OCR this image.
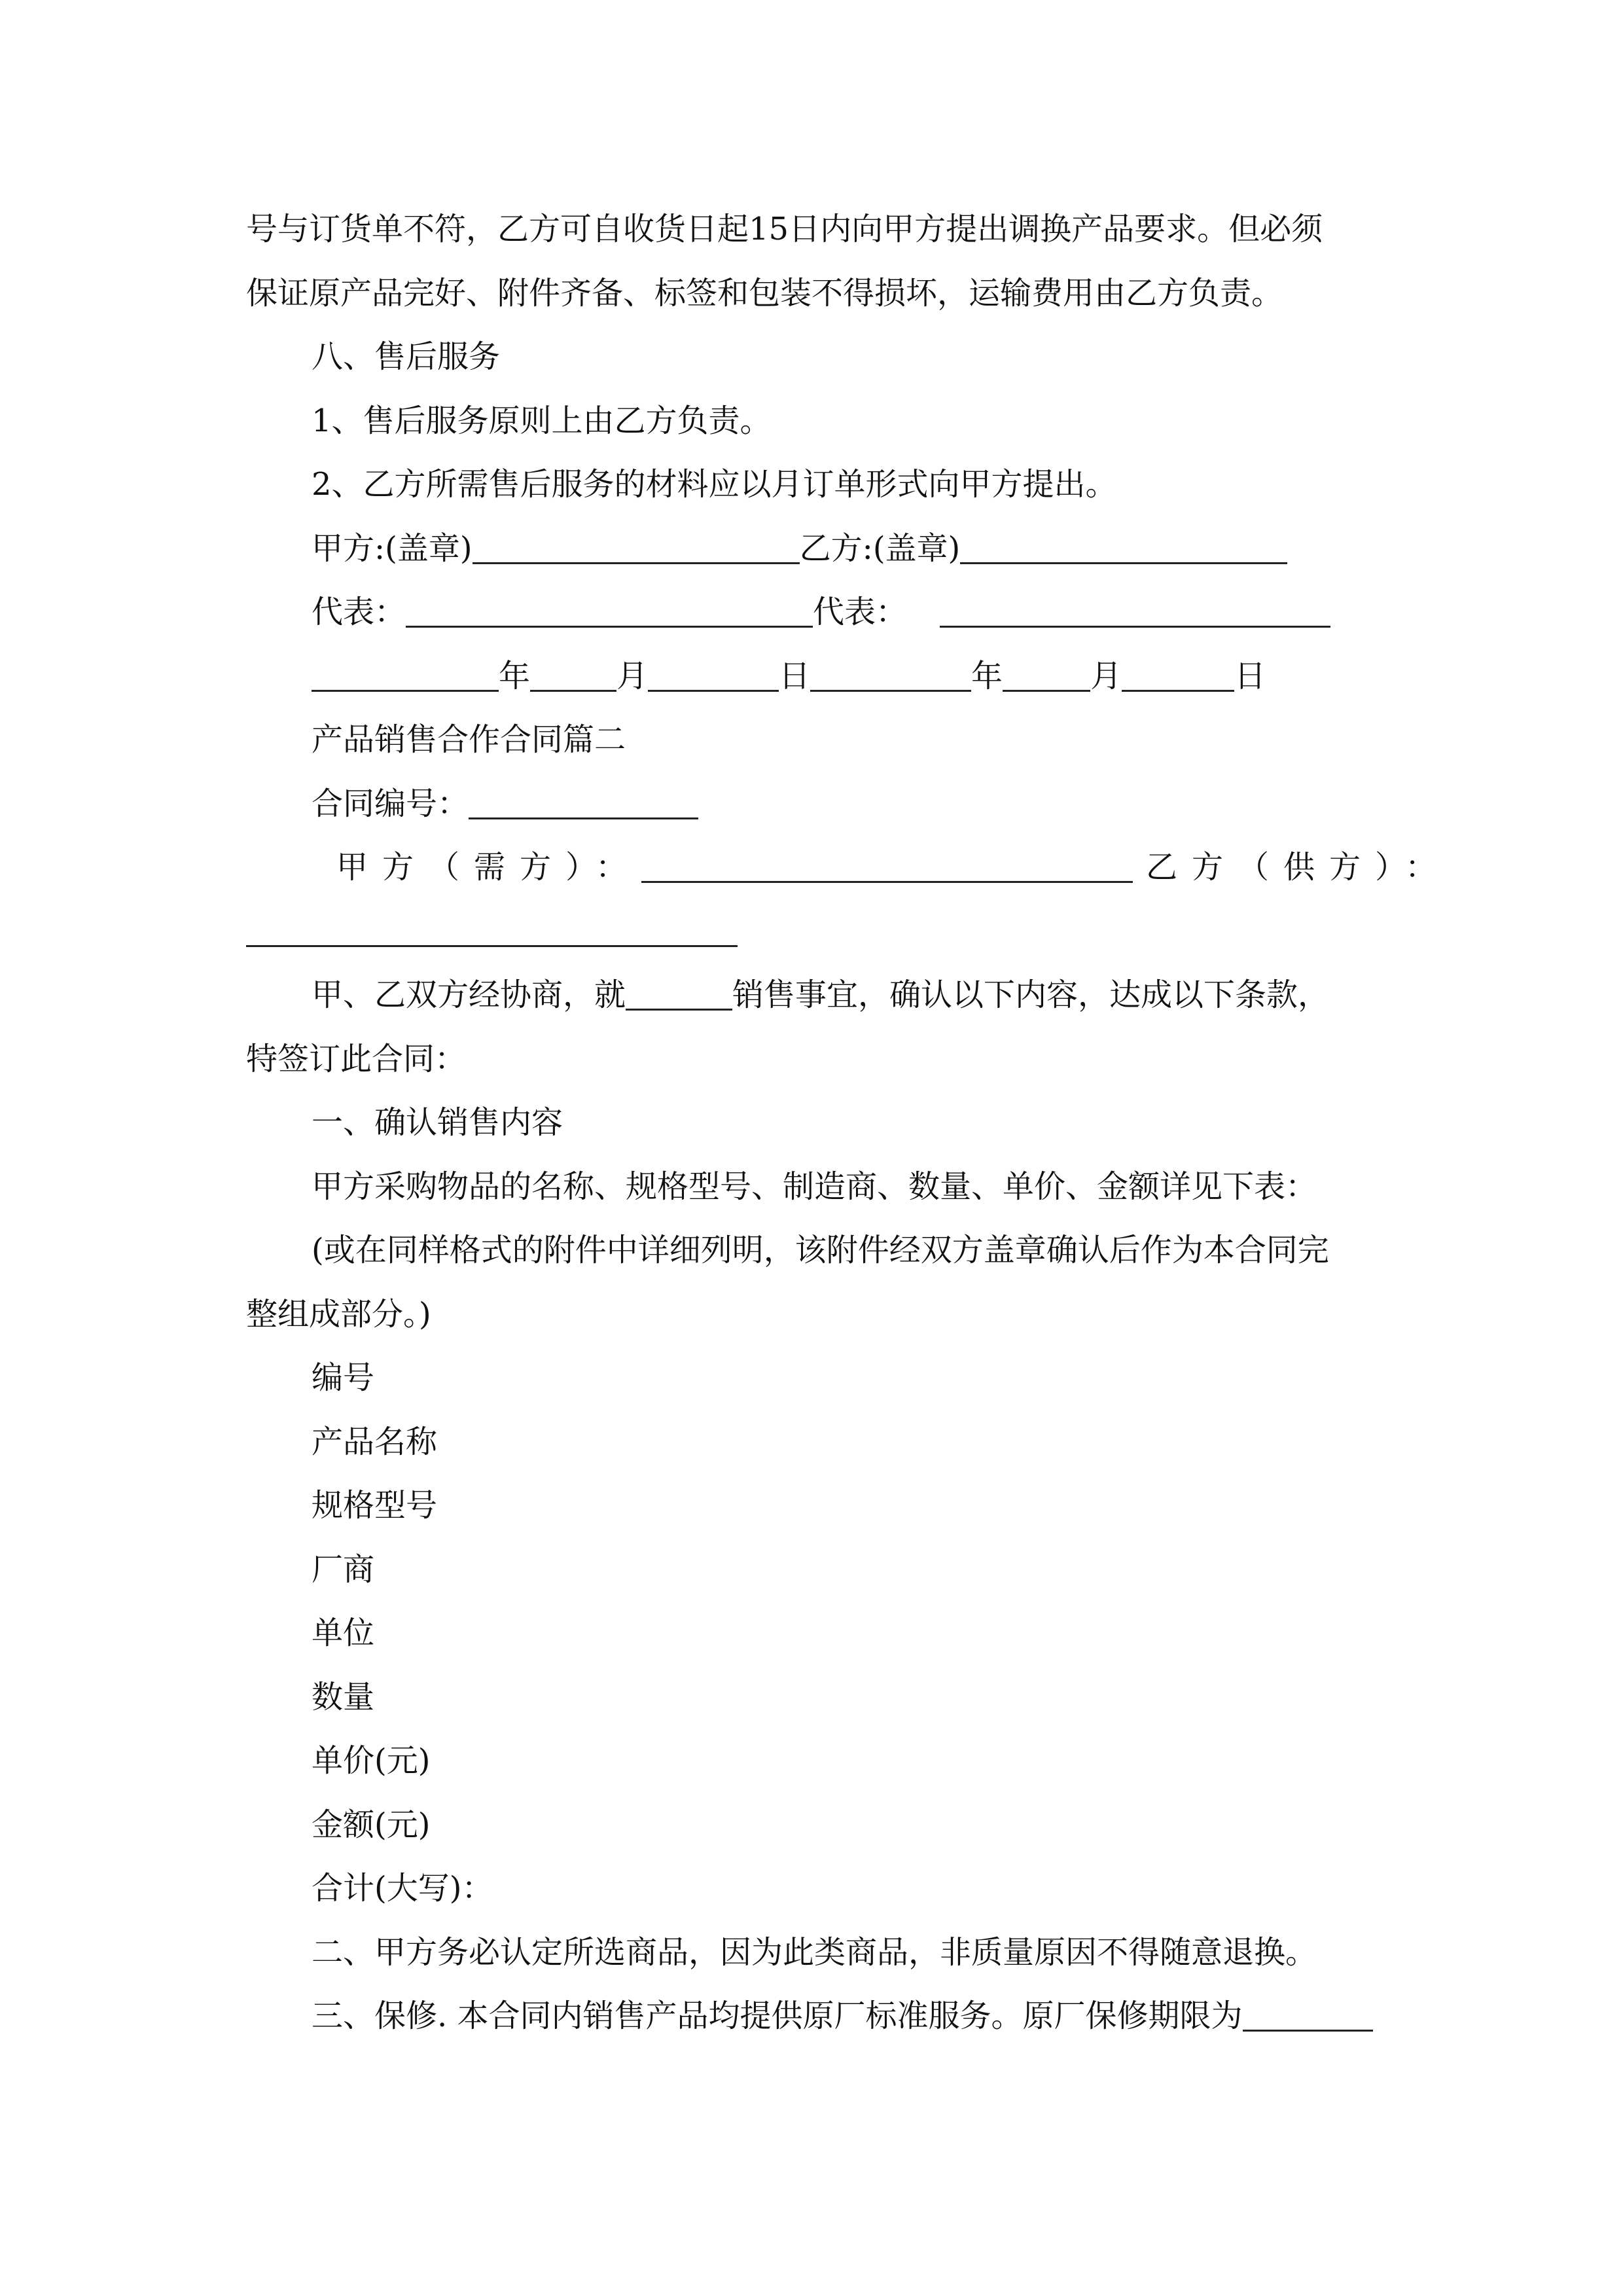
号与订货单不符，乙方可自收货日起15日内向甲方提出调换产品要求。但必须
保证原产品完好、附件齐备、标签和包装不得损坏，运输费用由乙方负责。
八、售后服务
1、售后服务原则上由乙方负责。
2、乙方所需售后服务的材料应以月订单形式向甲方提出。
甲方:(盖章)	乙方:(盖章)
代表：	代表：
年	月	日	年	月	日
产品销售合作合同篇二
合同编号：
甲方（需方）：	乙方（供方）：
甲、乙双方经协商，就	销售事宜，确认以下内容，达成以下条款，
特签订此合同：
一、确认销售内容
甲方采购物品的名称、规格型号、制造商、数量、单价、金额详见下表：
(或在同样格式的附件中详细列明，该附件经双方盖章确认后作为本合同完
整组成部分。)
编号
产品名称
规格型号
厂商
单位
数量
单价(元)
金额(元)
合计(大写)：
二、甲方务必认定所选商品，因为此类商品，非质量原因不得随意退换。
三、保修. 本合同内销售产品均提供原厂标准服务。原厂保修期限为
